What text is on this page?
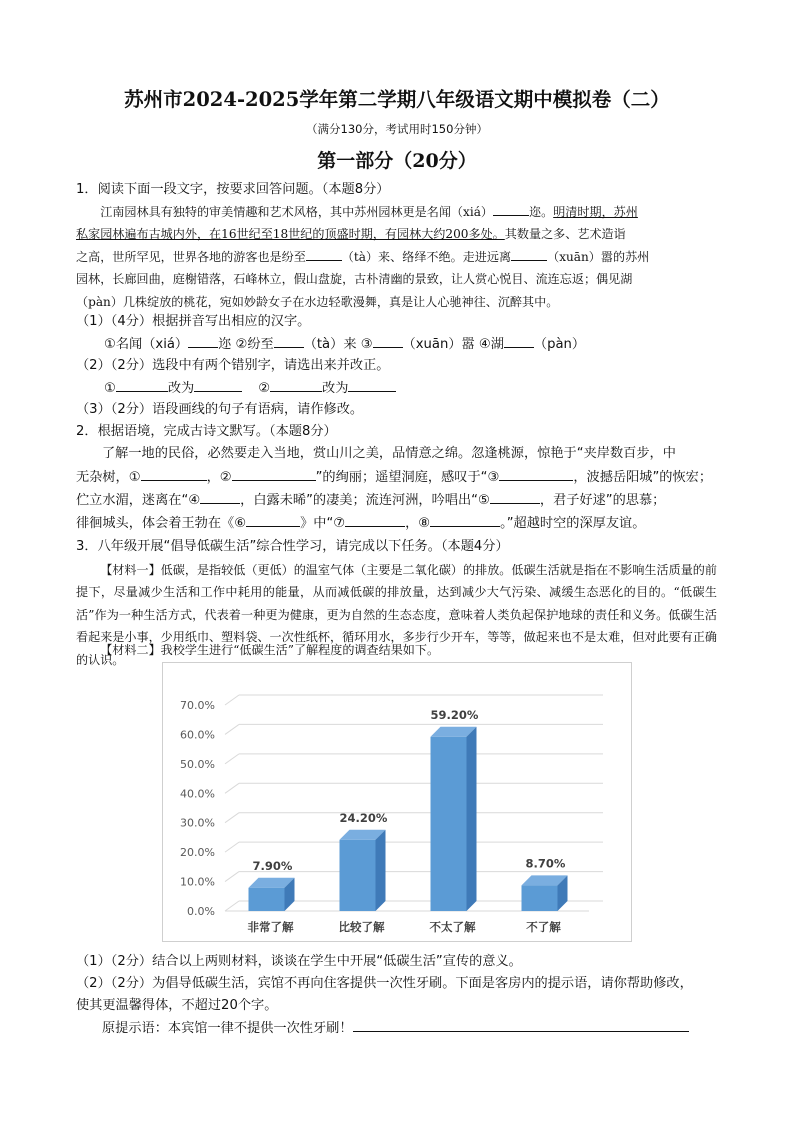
苏州市2024-2025学年第二学期八年级语文期中模拟卷（二）
（满分130分，考试用时150分钟）
第一部分（20分）
1．阅读下面一段文字，按要求回答问题。（本题8分）
江南园林具有独特的审美情趣和艺术风格，其中苏州园林更是名闻（xiá）	迩。明清时期，苏州
私家园林遍布古城内外，在16世纪至18世纪的顶盛时期，有园林大约200多处。其数量之多、艺术造诣
之高，世所罕见，世界各地的游客也是纷至	（tà）来、络绎不绝。走进远离	（xuān）嚣的苏州
园林，长廊回曲，庭榭错落，石峰林立，假山盘旋，古朴清幽的景致，让人赏心悦目、流连忘返；偶见湖
（pàn）几株绽放的桃花，宛如妙龄女子在水边轻歌漫舞，真是让人心驰神往、沉醉其中。
（1）（4分）根据拼音写出相应的汉字。
①名闻（xiá） 迩 ②纷至 （tà）来 ③ （xuān）嚣 ④湖 （pàn）
（2）（2分）选段中有两个错别字，请选出来并改正。
①	改为	②	改为
（3）（2分）语段画线的句子有语病，请作修改。
2．根据语境，完成古诗文默写。（本题8分）
了解一地的民俗，必然要走入当地，赏山川之美，品情意之绵。忽逢桃源，惊艳于“夹岸数百步，中
无杂树，①	，②	”的绚丽；遥望洞庭，感叹于“③	，波撼岳阳城”的恢宏；
伫立水湄，迷离在“④	，白露未晞”的凄美；流连河洲，吟唱出“⑤	，君子好逑”的思慕；
徘徊城头，体会着王勃在《⑥	》中“⑦	，⑧	。”超越时空的深厚友谊。
3．八年级开展“倡导低碳生活”综合性学习，请完成以下任务。（本题4分）
【材料一】低碳，是指较低（更低）的温室气体（主要是二氧化碳）的排放。低碳生活就是指在不影响生活质量的前提下，尽量减少生活和工作中耗用的能量，从而减低碳的排放量，达到减少大气污染、减缓生态恶化的目的。“低碳生活”作为一种生活方式，代表着一种更为健康，更为自然的生态态度，意味着人类负起保护地球的责任和义务。低碳生活看起来是小事，少用纸巾、塑料袋、一次性纸杯，循环用水，多步行少开车，等等，做起来也不是太难，但对此要有正确的认识。
【材料二】我校学生进行“低碳生活”了解程度的调查结果如下。
0.0%
10.0%
20.0%
30.0%
40.0%
50.0%
60.0%
70.0%
7.90%
非常了解
24.20%
比较了解
59.20%
不太了解
8.70%
不了解
（1）（2分）结合以上两则材料，谈谈在学生中开展“低碳生活”宣传的意义。
（2）（2分）为倡导低碳生活，宾馆不再向住客提供一次性牙刷。下面是客房内的提示语，请你帮助修改，
使其更温馨得体，不超过20个字。
原提示语：本宾馆一律不提供一次性牙刷！
